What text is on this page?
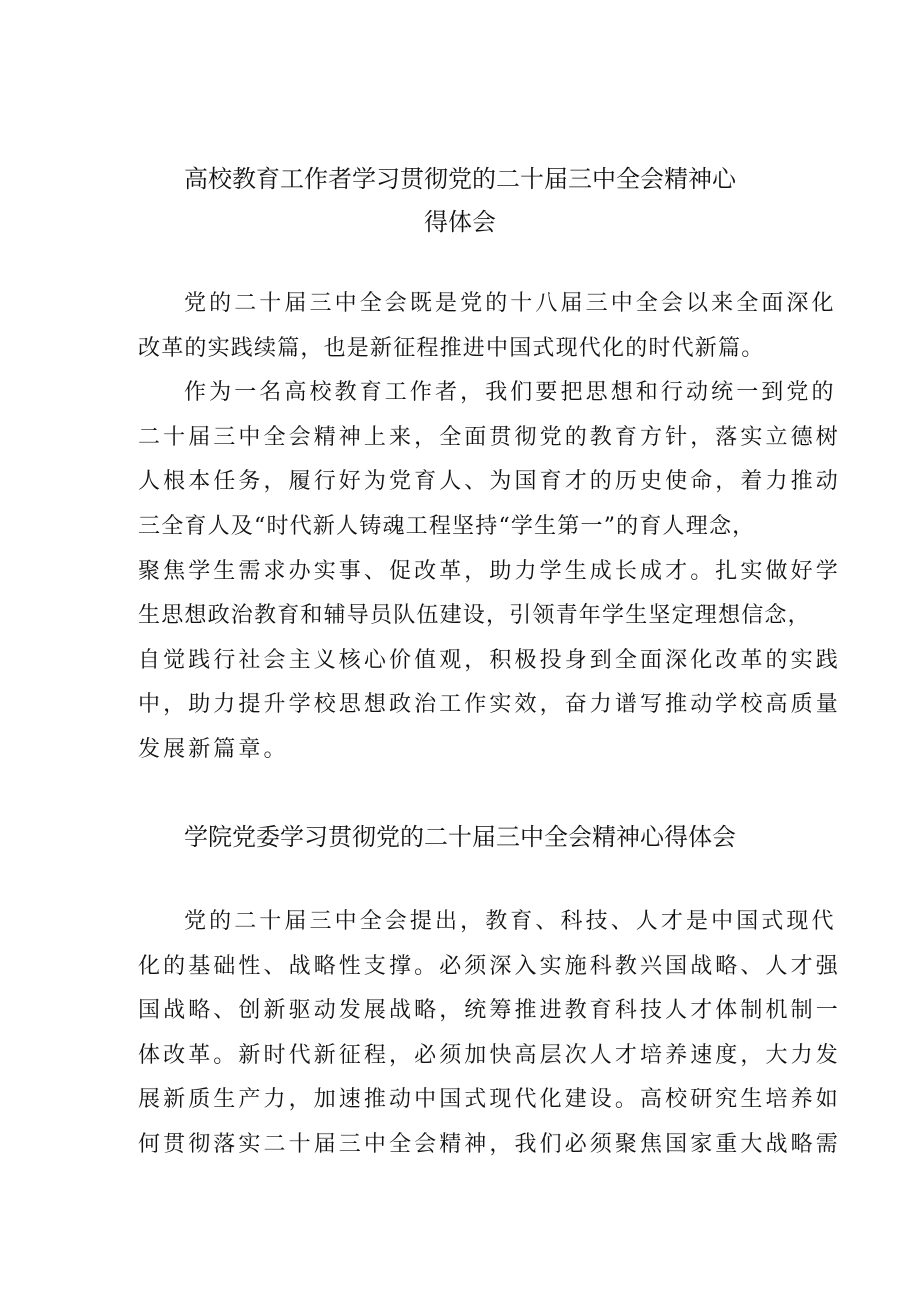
高校教育工作者学习贯彻党的二十届三中全会精神心
得体会
党的二十届三中全会既是党的十八届三中全会以来全面深化
改革的实践续篇，也是新征程推进中国式现代化的时代新篇。
作为一名高校教育工作者，我们要把思想和行动统一到党的
二十届三中全会精神上来，全面贯彻党的教育方针，落实立德树
人根本任务，履行好为党育人、为国育才的历史使命，着力推动
三全育人及“时代新人铸魂工程坚持“学生第一”的育人理念，
聚焦学生需求办实事、促改革，助力学生成长成才。扎实做好学
生思想政治教育和辅导员队伍建设，引领青年学生坚定理想信念，
自觉践行社会主义核心价值观，积极投身到全面深化改革的实践
中，助力提升学校思想政治工作实效，奋力谱写推动学校高质量
发展新篇章。
学院党委学习贯彻党的二十届三中全会精神心得体会
党的二十届三中全会提出，教育、科技、人才是中国式现代
化的基础性、战略性支撑。必须深入实施科教兴国战略、人才强
国战略、创新驱动发展战略，统筹推进教育科技人才体制机制一
体改革。新时代新征程，必须加快高层次人才培养速度，大力发
展新质生产力，加速推动中国式现代化建设。高校研究生培养如
何贯彻落实二十届三中全会精神，我们必须聚焦国家重大战略需
